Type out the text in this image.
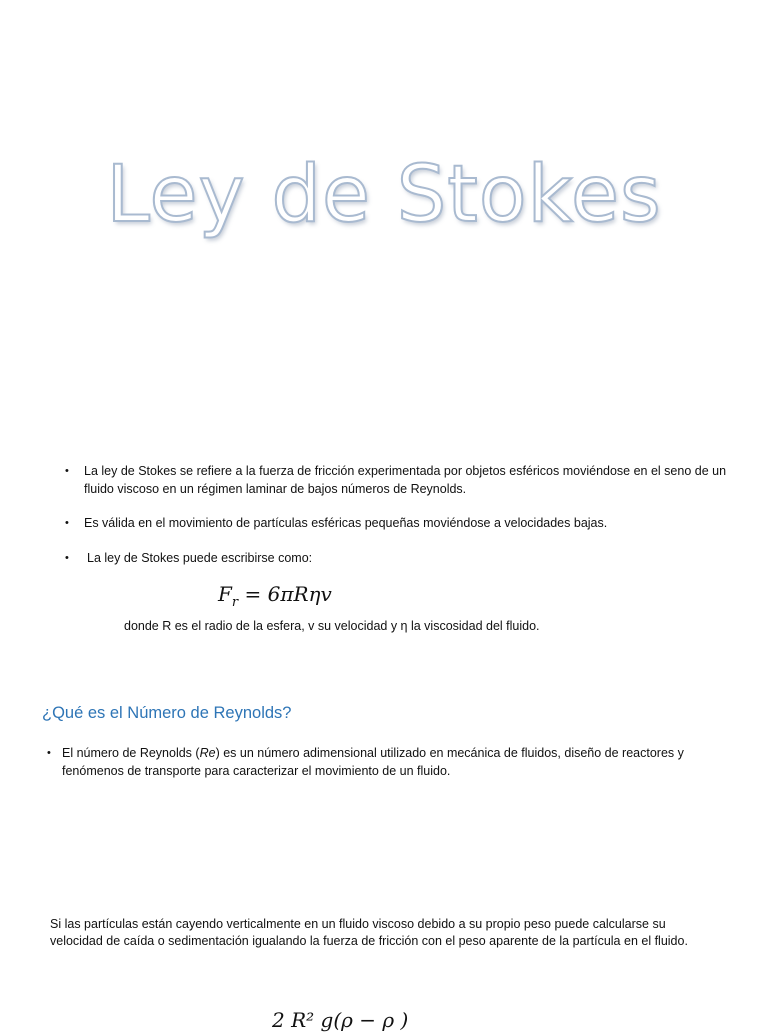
Ley de Stokes
• La ley de Stokes se refiere a la fuerza de fricción experimentada por objetos esféricos moviéndose en el seno de un fluido viscoso en un régimen laminar de bajos números de Reynolds.
• Es válida en el movimiento de partículas esféricas pequeñas moviéndose a velocidades bajas.
• La ley de Stokes puede escribirse como:
$F_r = 6\pi R\eta v$
donde R es el radio de la esfera, v su velocidad y η la viscosidad del fluido.
¿Qué es el Número de Reynolds?
• El número de Reynolds (Re) es un número adimensional utilizado en mecánica de fluidos, diseño de reactores y fenómenos de transporte para caracterizar el movimiento de un fluido.
Si las partículas están cayendo verticalmente en un fluido viscoso debido a su propio peso puede calcularse su velocidad de caída o sedimentación igualando la fuerza de fricción con el peso aparente de la partícula en el fluido.
2 R² g(ρ − ρ )
